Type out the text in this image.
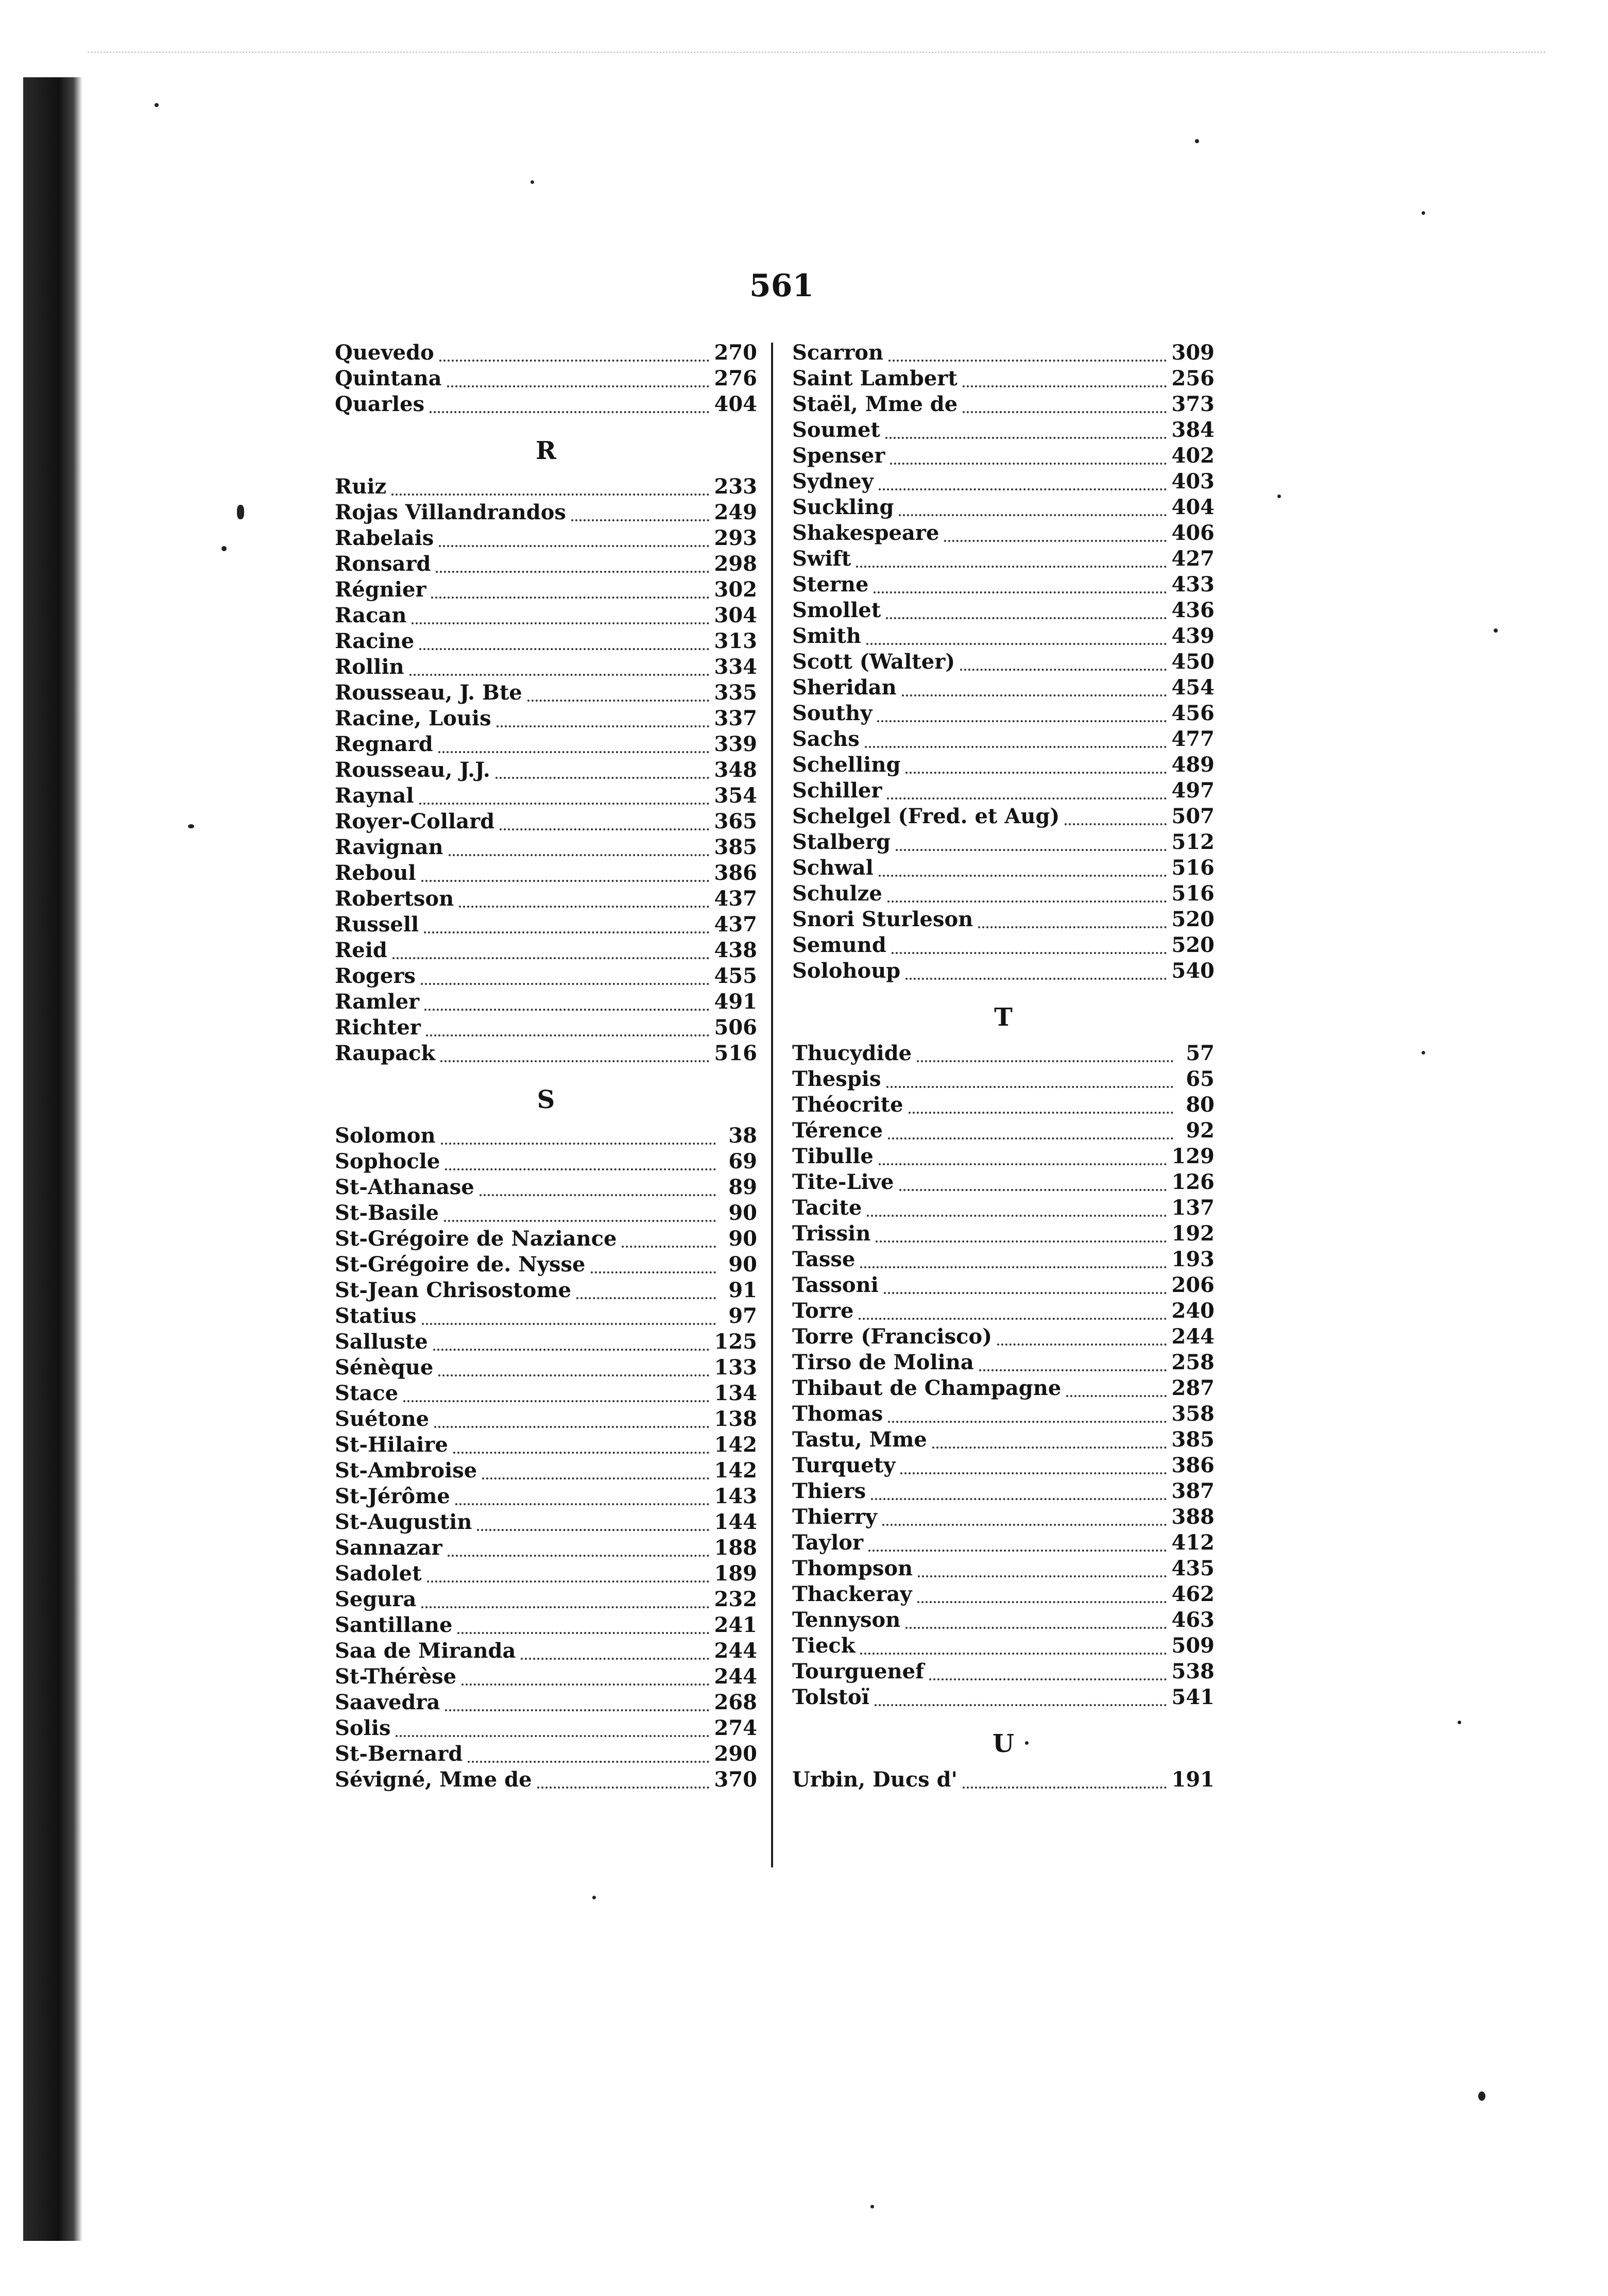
561
Quevedo	270
Quintana	276
Quarles	404
R
Ruiz	233
Rojas Villandrandos	249
Rabelais	293
Ronsard	298
Régnier	302
Racan	304
Racine	313
Rollin	334
Rousseau, J. Bte	335
Racine, Louis	337
Regnard	339
Rousseau, J.J.	348
Raynal	354
Royer-Collard	365
Ravignan	385
Reboul	386
Robertson	437
Russell	437
Reid	438
Rogers	455
Ramler	491
Richter	506
Raupack	516
S
Solomon	38
Sophocle	69
St-Athanase	89
St-Basile	90
St-Grégoire de Naziance	90
St-Grégoire de. Nysse	90
St-Jean Chrisostome	91
Statius	97
Salluste	125
Sénèque	133
Stace	134
Suétone	138
St-Hilaire	142
St-Ambroise	142
St-Jérôme	143
St-Augustin	144
Sannazar	188
Sadolet	189
Segura	232
Santillane	241
Saa de Miranda	244
St-Thérèse	244
Saavedra	268
Solis	274
St-Bernard	290
Sévigné, Mme de	370
Scarron	309
Saint Lambert	256
Staël, Mme de	373
Soumet	384
Spenser	402
Sydney	403
Suckling	404
Shakespeare	406
Swift	427
Sterne	433
Smollet	436
Smith	439
Scott (Walter)	450
Sheridan	454
Southy	456
Sachs	477
Schelling	489
Schiller	497
Schelgel (Fred. et Aug)	507
Stalberg	512
Schwal	516
Schulze	516
Snori Sturleson	520
Semund	520
Solohoup	540
T
Thucydide	57
Thespis	65
Théocrite	80
Térence	92
Tibulle	129
Tite-Live	126
Tacite	137
Trissin	192
Tasse	193
Tassoni	206
Torre	240
Torre (Francisco)	244
Tirso de Molina	258
Thibaut de Champagne	287
Thomas	358
Tastu, Mme	385
Turquety	386
Thiers	387
Thierry	388
Taylor	412
Thompson	435
Thackeray	462
Tennyson	463
Tieck	509
Tourguenef	538
Tolstoï	541
U
Urbin, Ducs d'	191
